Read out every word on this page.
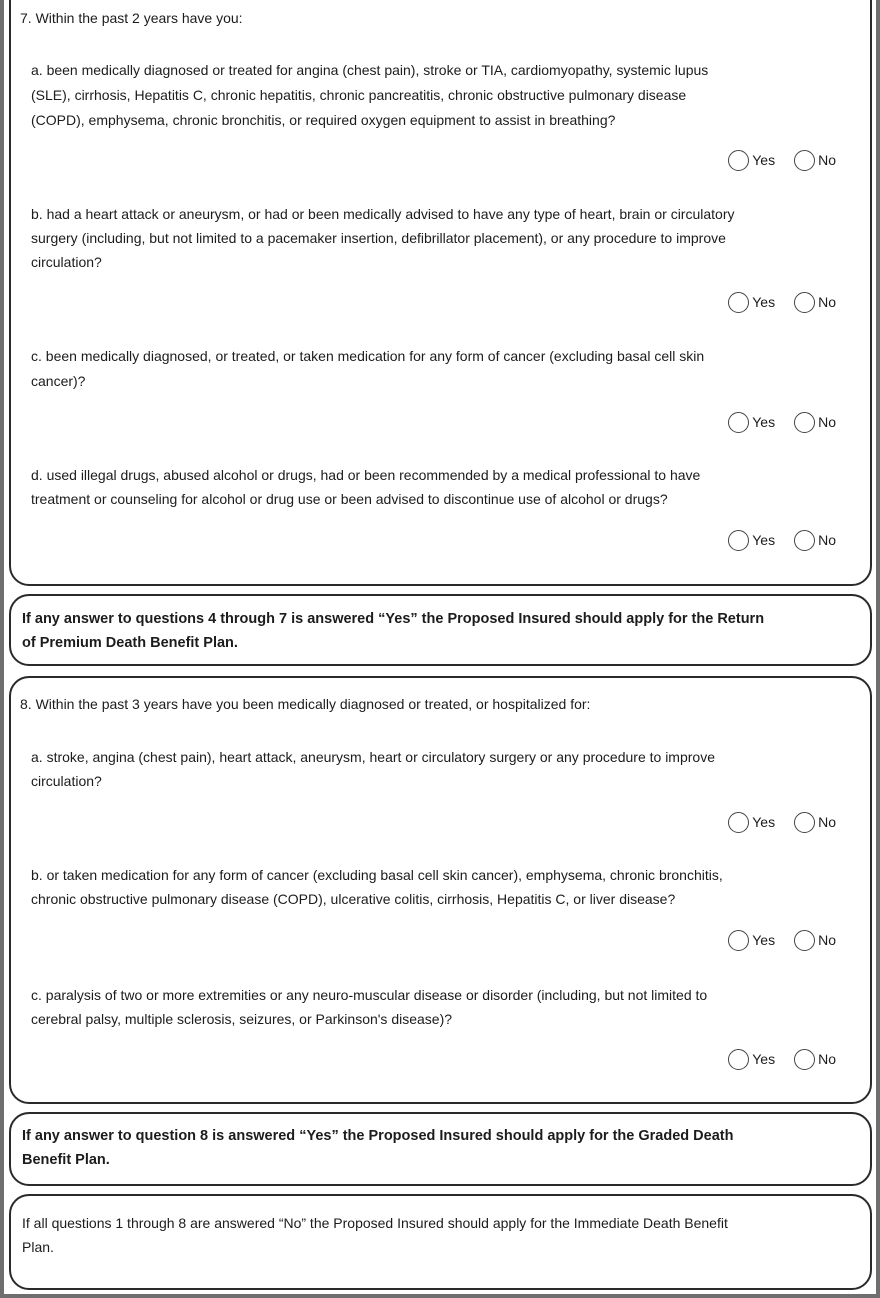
7. Within the past 2 years have you:
a. been medically diagnosed or treated for angina (chest pain), stroke or TIA, cardiomyopathy, systemic lupus
(SLE), cirrhosis, Hepatitis C, chronic hepatitis, chronic pancreatitis, chronic obstructive pulmonary disease
(COPD), emphysema, chronic bronchitis, or required oxygen equipment to assist in breathing?
Yes	No
b. had a heart attack or aneurysm, or had or been medically advised to have any type of heart, brain or circulatory
surgery (including, but not limited to a pacemaker insertion, defibrillator placement), or any procedure to improve
circulation?
Yes	No
c. been medically diagnosed, or treated, or taken medication for any form of cancer (excluding basal cell skin
cancer)?
Yes	No
d. used illegal drugs, abused alcohol or drugs, had or been recommended by a medical professional to have
treatment or counseling for alcohol or drug use or been advised to discontinue use of alcohol or drugs?
Yes	No
If any answer to questions 4 through 7 is answered “Yes” the Proposed Insured should apply for the Return
of Premium Death Benefit Plan.
8. Within the past 3 years have you been medically diagnosed or treated, or hospitalized for:
a. stroke, angina (chest pain), heart attack, aneurysm, heart or circulatory surgery or any procedure to improve
circulation?
Yes	No
b. or taken medication for any form of cancer (excluding basal cell skin cancer), emphysema, chronic bronchitis,
chronic obstructive pulmonary disease (COPD), ulcerative colitis, cirrhosis, Hepatitis C, or liver disease?
Yes	No
c. paralysis of two or more extremities or any neuro-muscular disease or disorder (including, but not limited to
cerebral palsy, multiple sclerosis, seizures, or Parkinson's disease)?
Yes	No
If any answer to question 8 is answered “Yes” the Proposed Insured should apply for the Graded Death
Benefit Plan.
If all questions 1 through 8 are answered “No” the Proposed Insured should apply for the Immediate Death Benefit
Plan.
